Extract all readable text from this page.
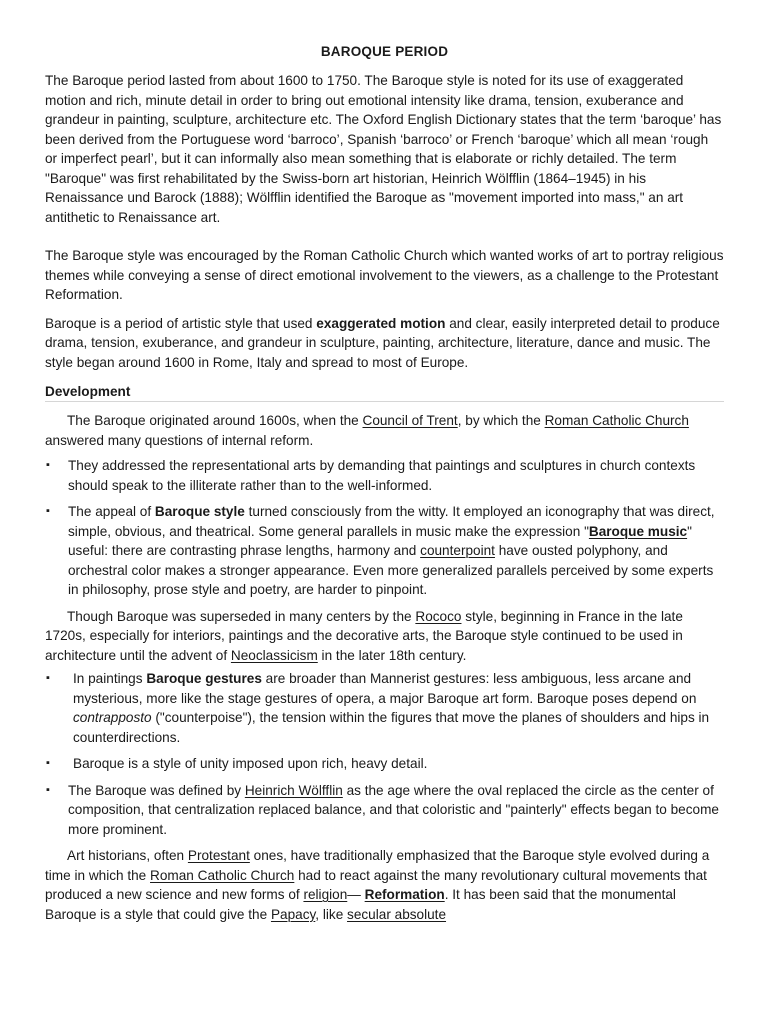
BAROQUE PERIOD

The Baroque period lasted from about 1600 to 1750. The Baroque style is noted for its use of exaggerated motion and rich, minute detail in order to bring out emotional intensity like drama, tension, exuberance and grandeur in painting, sculpture, architecture etc. The Oxford English Dictionary states that the term ‘baroque’ has been derived from the Portuguese word ‘barroco’, Spanish ‘barroco’ or French ‘baroque’ which all mean ‘rough or imperfect pearl’, but it can informally also mean something that is elaborate or richly detailed. The term "Baroque" was first rehabilitated by the Swiss-born art historian, Heinrich Wölfflin (1864–1945) in his Renaissance und Barock (1888); Wölfflin identified the Baroque as "movement imported into mass," an art antithetic to Renaissance art.

The Baroque style was encouraged by the Roman Catholic Church which wanted works of art to portray religious themes while conveying a sense of direct emotional involvement to the viewers, as a challenge to the Protestant Reformation.

Baroque is a period of artistic style that used exaggerated motion and clear, easily interpreted detail to produce drama, tension, exuberance, and grandeur in sculpture, painting, architecture, literature, dance and music. The style began around 1600 in Rome, Italy and spread to most of Europe.

Development

The Baroque originated around 1600s, when the Council of Trent, by which the Roman Catholic Church answered many questions of internal reform.

▪ They addressed the representational arts by demanding that paintings and sculptures in church contexts should speak to the illiterate rather than to the well-informed.
▪ The appeal of Baroque style turned consciously from the witty. It employed an iconography that was direct, simple, obvious, and theatrical. Some general parallels in music make the expression "Baroque music" useful: there are contrasting phrase lengths, harmony and counterpoint have ousted polyphony, and orchestral color makes a stronger appearance. Even more generalized parallels perceived by some experts in philosophy, prose style and poetry, are harder to pinpoint.

Though Baroque was superseded in many centers by the Rococo style, beginning in France in the late 1720s, especially for interiors, paintings and the decorative arts, the Baroque style continued to be used in architecture until the advent of Neoclassicism in the later 18th century.

▪ In paintings Baroque gestures are broader than Mannerist gestures: less ambiguous, less arcane and mysterious, more like the stage gestures of opera, a major Baroque art form. Baroque poses depend on contrapposto ("counterpoise"), the tension within the figures that move the planes of shoulders and hips in counterdirections.
▪ Baroque is a style of unity imposed upon rich, heavy detail.
▪ The Baroque was defined by Heinrich Wölfflin as the age where the oval replaced the circle as the center of composition, that centralization replaced balance, and that coloristic and "painterly" effects began to become more prominent.

Art historians, often Protestant ones, have traditionally emphasized that the Baroque style evolved during a time in which the Roman Catholic Church had to react against the many revolutionary cultural movements that produced a new science and new forms of religion— Reformation. It has been said that the monumental Baroque is a style that could give the Papacy, like secular absolute
